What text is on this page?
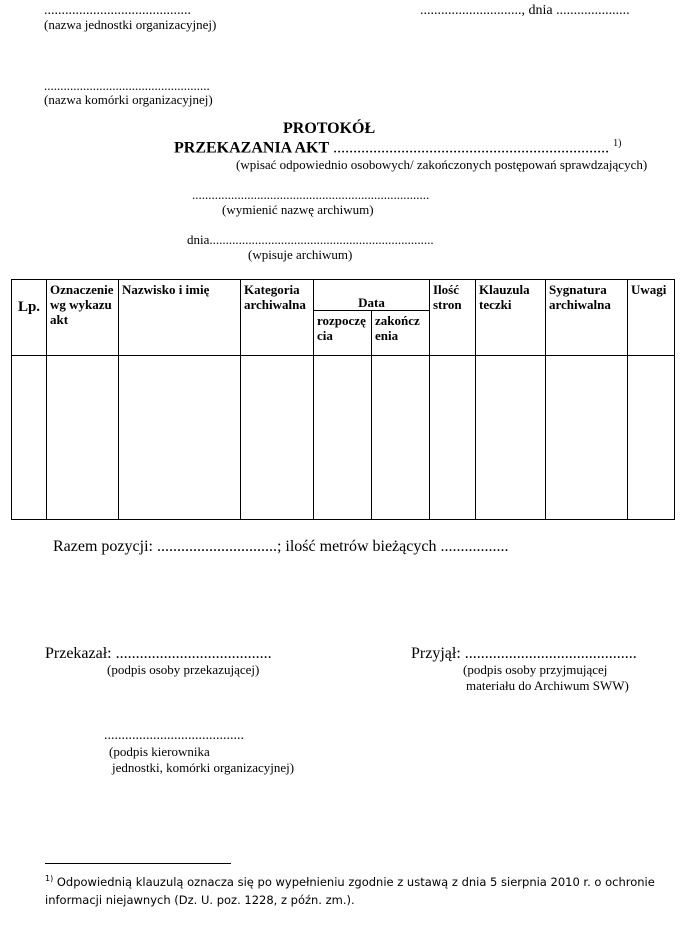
..........................................
(nazwa jednostki organizacyjnej)
............................., dnia .....................
...................................................
(nazwa komórki organizacyjnej)
PROTOKÓŁ
PRZEKAZANIA AKT ..................................................................... $^{1)}$
(wpisać odpowiednio osobowych/ zakończonych postępowań sprawdzających)
.........................................................................
(wymienić nazwę archiwum)
dnia.....................................................................
(wpisuje archiwum)
Lp.	Oznaczenie wg wykazu akt	Nazwisko i imię	Kategoria archiwalna	Data		Ilość stron	Klauzula teczki	Sygnatura archiwalna	Uwagi
				rozpoczę cia	zakończ enia				

Razem pozycji: ..............................; ilość metrów bieżących .................
Przekazał: .......................................
(podpis osoby przekazującej)
Przyjął: ...........................................
(podpis osoby przyjmującej
materiału do Archiwum SWW)
........................................
(podpis kierownika
jednostki, komórki organizacyjnej)
$^{1)}$ Odpowiednią klauzulą oznacza się po wypełnieniu zgodnie z ustawą z dnia 5 sierpnia 2010 r. o ochronie informacji niejawnych (Dz. U. poz. 1228, z późn. zm.).
